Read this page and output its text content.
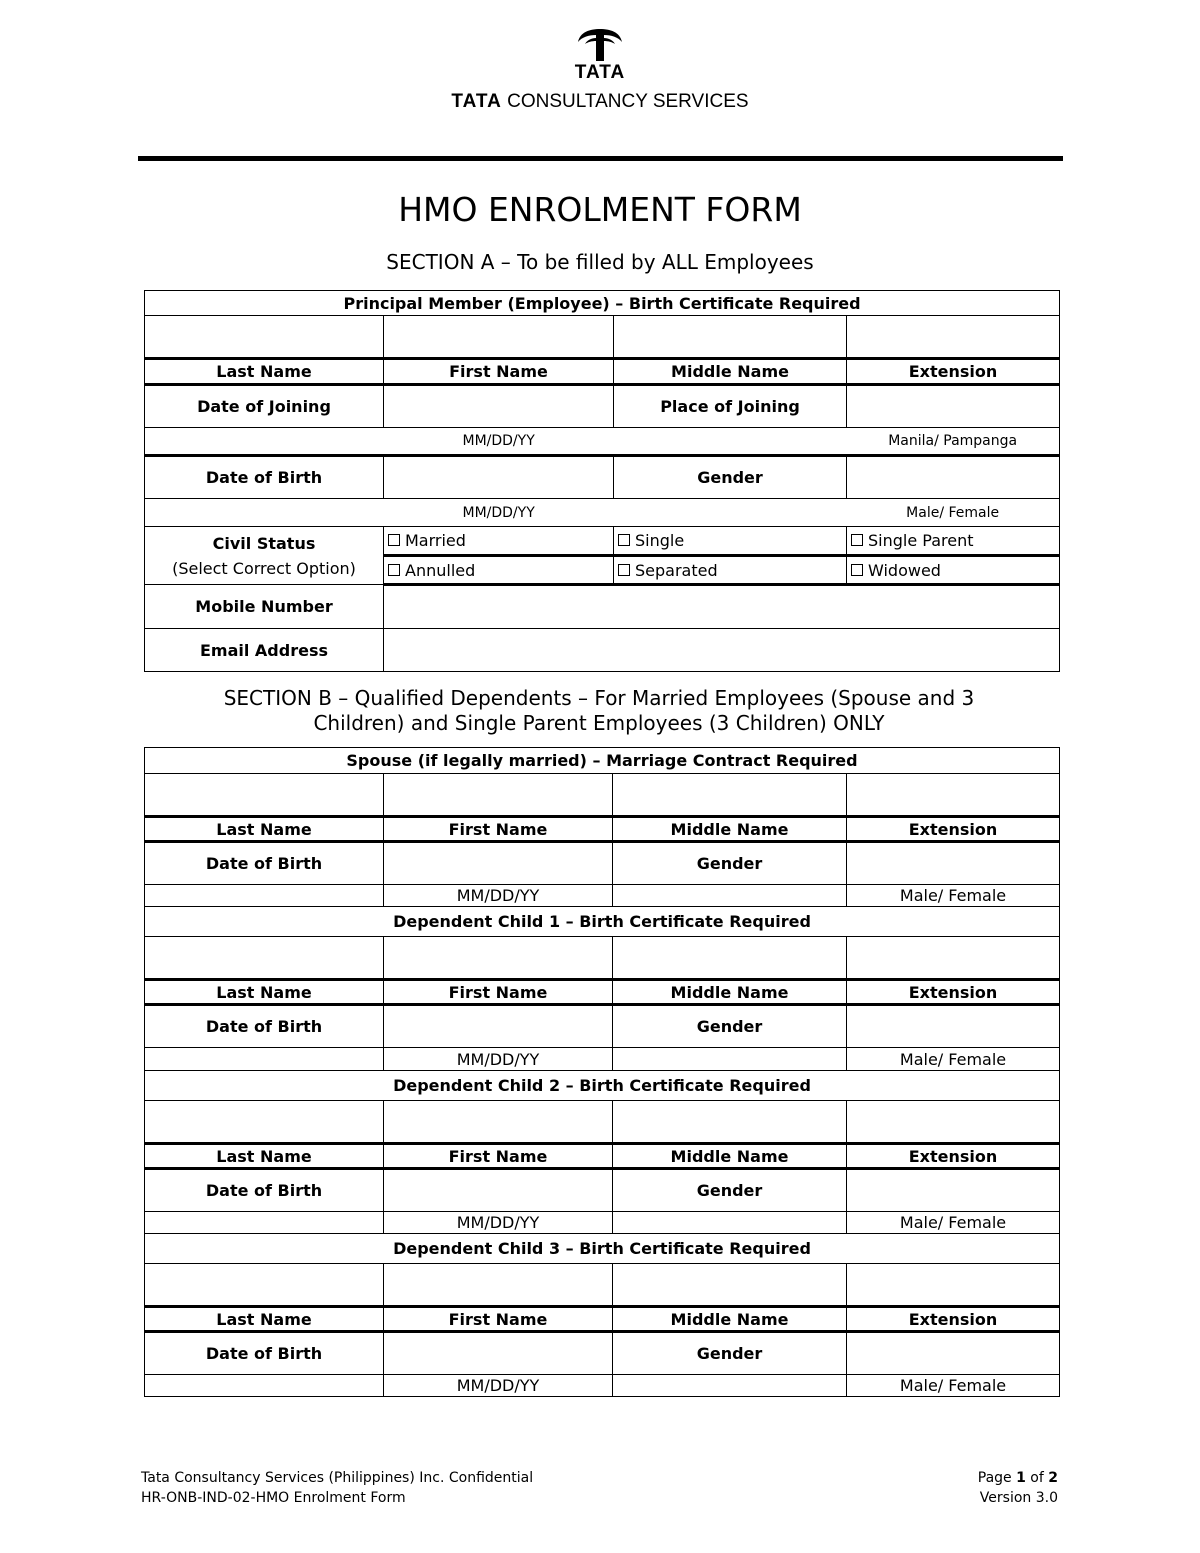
TATA
TATA CONSULTANCY SERVICES
HMO ENROLMENT FORM
SECTION A – To be filled by ALL Employees
Principal Member (Employee) – Birth Certificate Required			

Last Name	First Name	Middle Name	Extension
Date of Joining		Place of Joining	

MM/DD/YY Manila/ Pampanga			

Date of Birth		Gender	

MM/DD/YY Male/ Female			

Civil Status
(Select Correct Option)	Married	Single	Single Parent
	Annulled	Separated	Widowed
Mobile Number			
Email Address			
SECTION B – Qualified Dependents – For Married Employees (Spouse and 3
Children) and Single Parent Employees (3 Children) ONLY
Spouse (if legally married) – Marriage Contract Required			

Last Name	First Name	Middle Name	Extension
Date of Birth		Gender	
	MM/DD/YY		Male/ Female
Dependent Child 1 – Birth Certificate Required			

Last Name	First Name	Middle Name	Extension
Date of Birth		Gender	
	MM/DD/YY		Male/ Female
Dependent Child 2 – Birth Certificate Required			

Last Name	First Name	Middle Name	Extension
Date of Birth		Gender	
	MM/DD/YY		Male/ Female
Dependent Child 3 – Birth Certificate Required			

Last Name	First Name	Middle Name	Extension
Date of Birth		Gender	
	MM/DD/YY		Male/ Female
Tata Consultancy Services (Philippines) Inc. Confidential
HR-ONB-IND-02-HMO Enrolment Form
Page 1 of 2
Version 3.0
